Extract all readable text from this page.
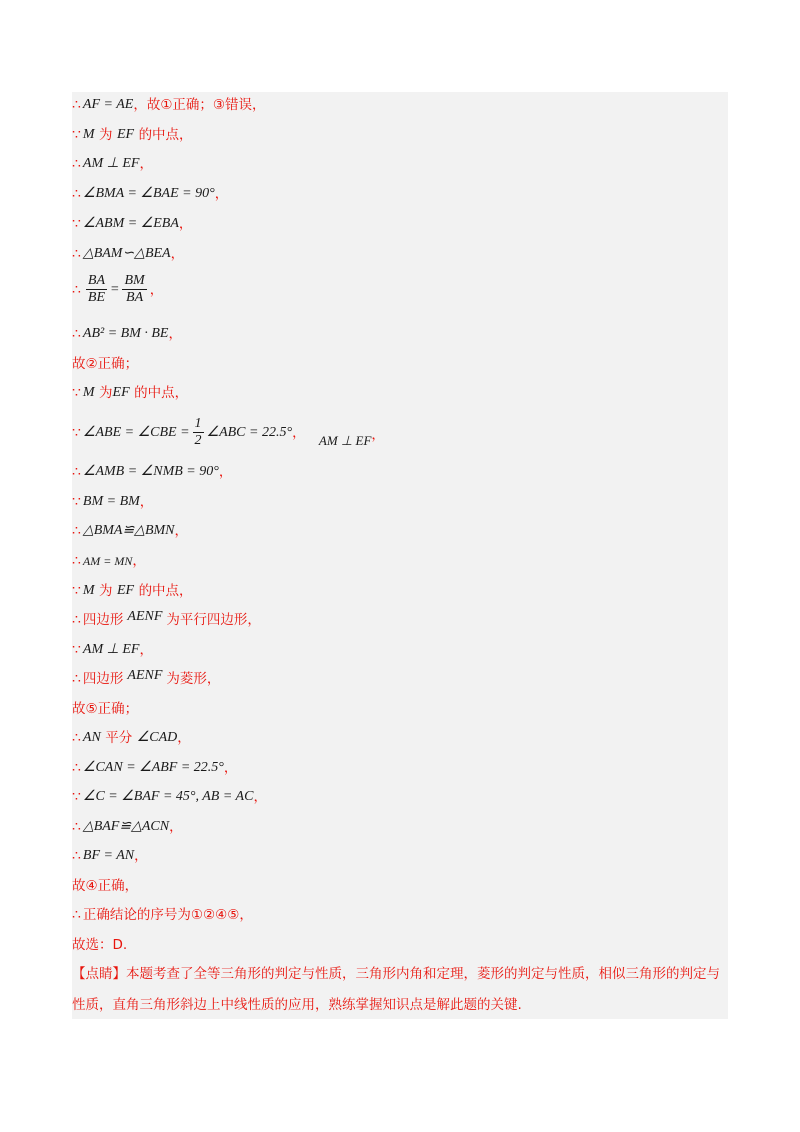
∴ AF = AE ，故①正确；③错误，
∵ M
为
EF
的中点，
∴ AM ⊥ EF ，
∴ ∠BMA = ∠BAE = 90° ，
∵ ∠ABM = ∠EBA ，
∴ △BAM∽△BEA ，
∴ $\frac{BA}{BE} = \frac{BM}{BA}$ ，
∴ AB² = BM · BE ，
故②正确；
∵ M
为 EF
的中点，
∵ ∠ABE = ∠CBE = $\frac{1}{2}$ ∠ABC = 22.5° ，
AM ⊥ EF ，
∴ ∠AMB = ∠NMB = 90° ，
∵ BM = BM ，
∴ △BMA≌△BMN ，
∴ AM = MN ，
∵ M
为
EF
的中点，
∴ 四边形 AENF 为平行四边形，
∵ AM ⊥ EF ，
∴ 四边形 AENF 为菱形，
故⑤正确；
∴ AN
平分
∠CAD ，
∴ ∠CAN = ∠ABF = 22.5° ，
∵ ∠C = ∠BAF = 45°, AB = AC ，
∴ △BAF≌△ACN ，
∴ BF = AN ，
故④正确，
∴ 正确结论的序号为①②④⑤，
故选：D.

【点睛】本题考查了全等三角形的判定与性质，三角形内角和定理，菱形的判定与性质，相似三角形的判定与性质，直角三角形斜边上中线性质的应用，熟练掌握知识点是解此题的关键.
